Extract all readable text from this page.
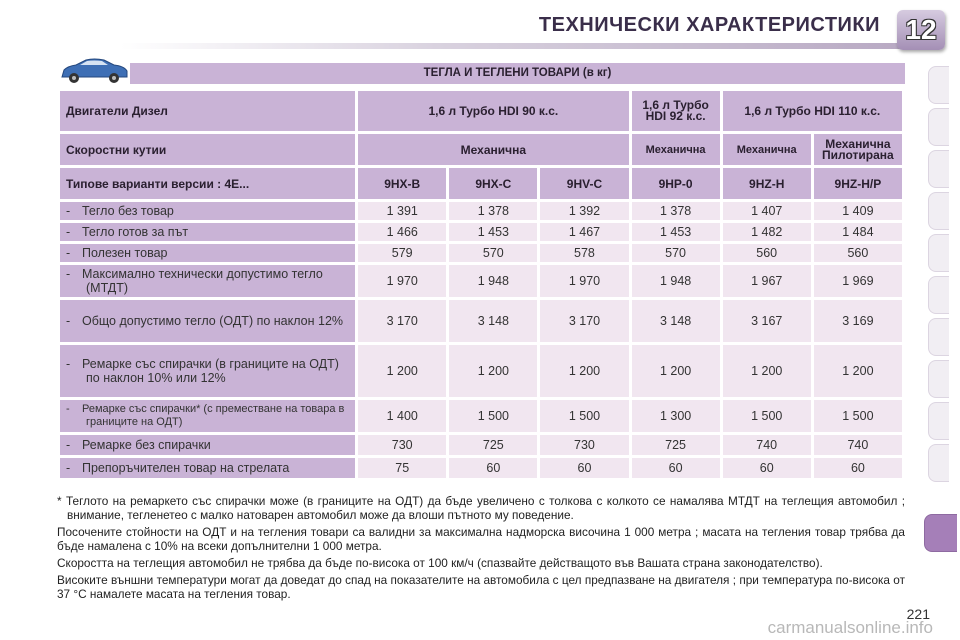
ТЕХНИЧЕСКИ ХАРАКТЕРИСТИКИ 12
ТЕГЛА И ТЕГЛЕНИ ТОВАРИ (в кг)
Двигатели Дизел	1,6 л Турбо HDI 90 к.с.			1,6 л Турбо HDI 92 к.с.	1,6 л Турбо HDI 110 к.с.	
Скоростни кутии	Механична			Механична	Механична	Механична Пилотирана
Типове варианти версии : 4E...	9HX-B	9HX-C	9HV-C	9HP-0	9HZ-H	9HZ-H/P
- Тегло без товар	1 391	1 378	1 392	1 378	1 407	1 409
- Тегло готов за път	1 466	1 453	1 467	1 453	1 482	1 484
- Полезен товар	579	570	578	570	560	560
- Максимално технически допустимо тегло (МТДТ)	1 970	1 948	1 970	1 948	1 967	1 969
- Общо допустимо тегло (ОДТ) по наклон 12%	3 170	3 148	3 170	3 148	3 167	3 169
- Ремарке със спирачки (в границите на ОДТ) по наклон 10% или 12%	1 200	1 200	1 200	1 200	1 200	1 200
- Ремарке със спирачки* (с преместване на товара в границите на ОДТ)	1 400	1 500	1 500	1 300	1 500	1 500
- Ремарке без спирачки	730	725	730	725	740	740
- Препоръчителен товар на стрелата	75	60	60	60	60	60

* Теглото на ремаркето със спирачки може (в границите на ОДТ) да бъде увеличено с толкова с колкото се намалява МТДТ на теглещия автомобил ; внимание, тегленетео с малко натоварен автомобил може да влоши пътното му поведение.

Посочените стойности на ОДТ и на тегления товари са валидни за максимална надморска височина 1 000 метра ; масата на тегления товар трябва да бъде намалена с 10% на всеки допълнителни 1 000 метра.

Скоростта на теглещия автомобил не трябва да бъде по-висока от 100 км/ч (спазвайте действащото във Вашата страна законодателство).

Високите външни температури могат да доведат до спад на показателите на автомобила с цел предпазване на двигателя ; при температура по-висока от 37 °C намалете масата на тегления товар.

221
carmanualsonline.info
